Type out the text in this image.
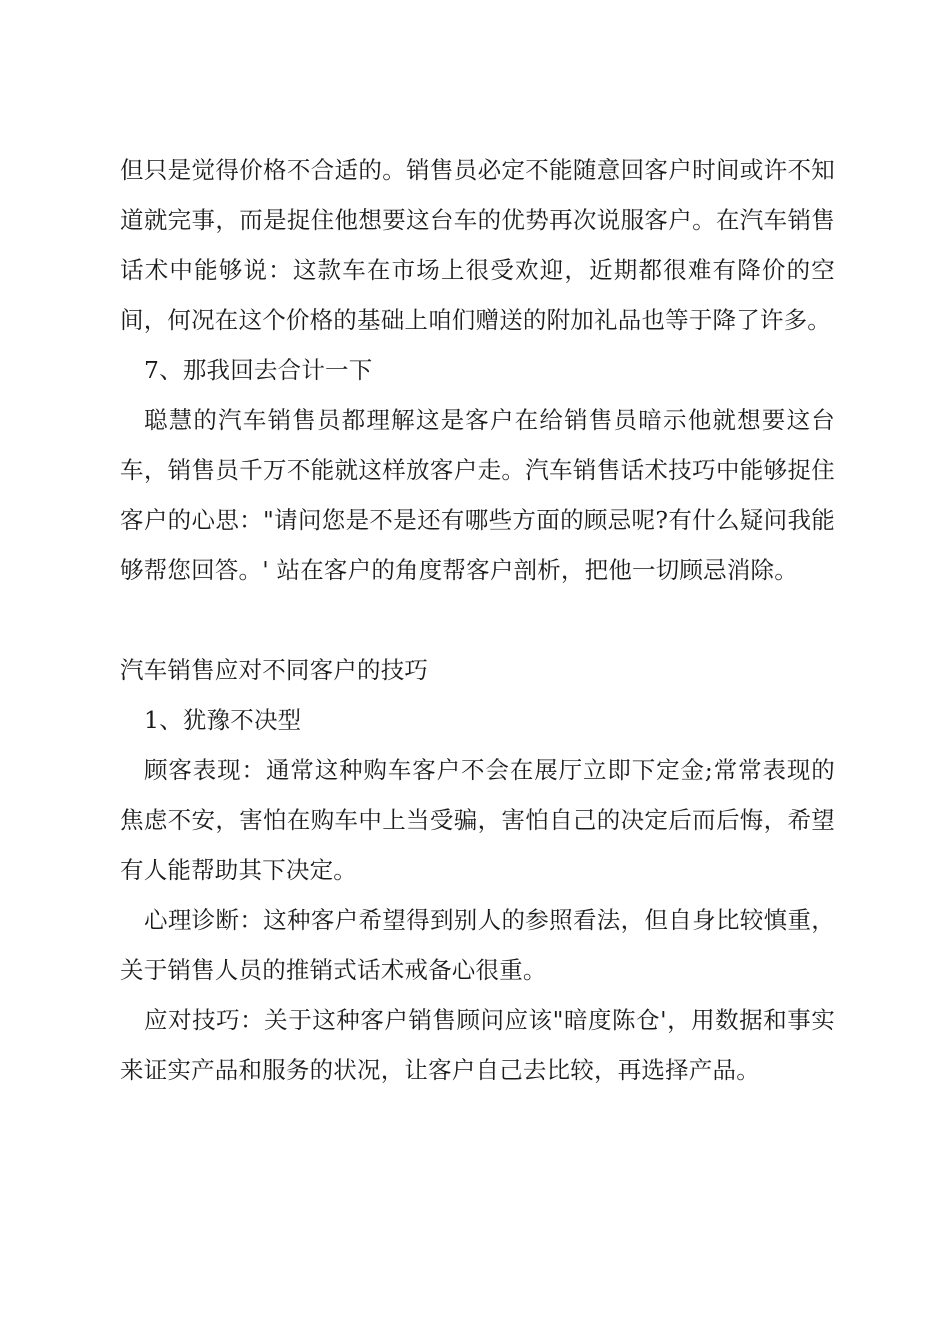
但只是觉得价格不合适的。销售员必定不能随意回客户时间或许不知道就完事，而是捉住他想要这台车的优势再次说服客户。在汽车销售话术中能够说：这款车在市场上很受欢迎，近期都很难有降价的空间，何况在这个价格的基础上咱们赠送的附加礼品也等于降了许多。

7、那我回去合计一下

聪慧的汽车销售员都理解这是客户在给销售员暗示他就想要这台车，销售员千万不能就这样放客户走。汽车销售话术技巧中能够捉住客户的心思："请问您是不是还有哪些方面的顾忌呢?有什么疑问我能够帮您回答。' 站在客户的角度帮客户剖析，把他一切顾忌消除。

汽车销售应对不同客户的技巧

1、犹豫不决型

顾客表现：通常这种购车客户不会在展厅立即下定金;常常表现的焦虑不安，害怕在购车中上当受骗，害怕自己的决定后而后悔，希望有人能帮助其下决定。

心理诊断：这种客户希望得到别人的参照看法，但自身比较慎重，关于销售人员的推销式话术戒备心很重。

应对技巧：关于这种客户销售顾问应该"暗度陈仓'，用数据和事实来证实产品和服务的状况，让客户自己去比较，再选择产品。
